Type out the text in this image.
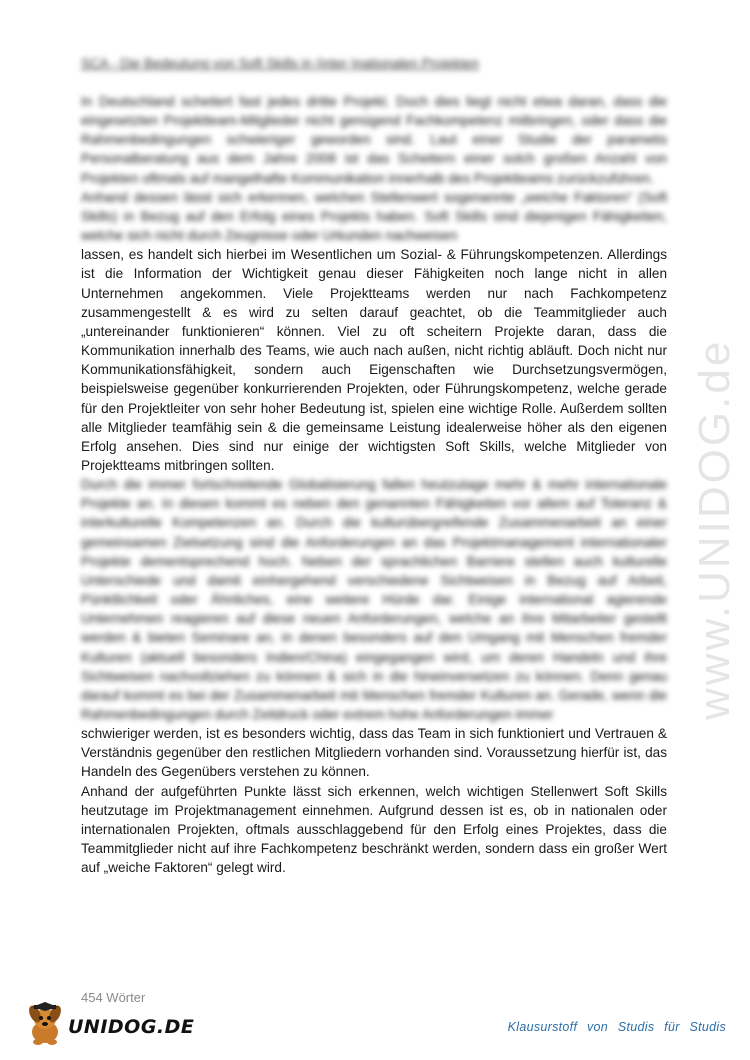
SCA - Die Bedeutung von Soft Skills in (inter-)nationalen Projekten

In Deutschland scheitert fast jedes dritte Projekt. Doch dies liegt nicht etwa daran, dass die eingesetzten Projektteam-Mitglieder nicht genügend Fachkompetenz mitbringen, oder dass die Rahmenbedingungen schwieriger geworden sind. Laut einer Studie der parametis Personalberatung aus dem Jahre 2008 ist das Scheitern einer solch großen Anzahl von Projekten oftmals auf mangelhafte Kommunikation innerhalb des Projektteams zurückzuführen.

Anhand dessen lässt sich erkennen, welchen Stellenwert sogenannte „weiche Faktoren“ (Soft Skills) in Bezug auf den Erfolg eines Projekts haben. Soft Skills sind diejenigen Fähigkeiten, welche sich nicht durch Zeugnisse oder Urkunden nachweisen

lassen, es handelt sich hierbei im Wesentlichen um Sozial- & Führungskompetenzen. Allerdings ist die Information der Wichtigkeit genau dieser Fähigkeiten noch lange nicht in allen Unternehmen angekommen. Viele Projektteams werden nur nach Fachkompetenz zusammengestellt & es wird zu selten darauf geachtet, ob die Teammitglieder auch „untereinander funktionieren“ können. Viel zu oft scheitern Projekte daran, dass die Kommunikation innerhalb des Teams, wie auch nach außen, nicht richtig abläuft. Doch nicht nur Kommunikationsfähigkeit, sondern auch Eigenschaften wie Durchsetzungsvermögen, beispielsweise gegenüber konkurrierenden Projekten, oder Führungskompetenz, welche gerade für den Projektleiter von sehr hoher Bedeutung ist, spielen eine wichtige Rolle. Außerdem sollten alle Mitglieder teamfähig sein & die gemeinsame Leistung idealerweise höher als den eigenen Erfolg ansehen. Dies sind nur einige der wichtigsten Soft Skills, welche Mitglieder von Projektteams mitbringen sollten.

Durch die immer fortschreitende Globalisierung fallen heutzutage mehr & mehr internationale Projekte an. In diesen kommt es neben den genannten Fähigkeiten vor allem auf Toleranz & interkulturelle Kompetenzen an. Durch die kulturübergreifende Zusammenarbeit an einer gemeinsamen Zielsetzung sind die Anforderungen an das Projektmanagement internationaler Projekte dementsprechend hoch. Neben der sprachlichen Barriere stellen auch kulturelle Unterschiede und damit einhergehend verschiedene Sichtweisen in Bezug auf Arbeit, Pünktlichkeit oder Ähnliches, eine weitere Hürde dar. Einige international agierende Unternehmen reagieren auf diese neuen Anforderungen, welche an ihre Mitarbeiter gestellt werden & bieten Seminare an, in denen besonders auf den Umgang mit Menschen fremder Kulturen (aktuell besonders Indien/China) eingegangen wird, um deren Handeln und ihre Sichtweisen nachvollziehen zu können & sich in die hineinversetzen zu können. Denn genau darauf kommt es bei der Zusammenarbeit mit Menschen fremder Kulturen an. Gerade, wenn die Rahmenbedingungen durch Zeitdruck oder extrem hohe Anforderungen immer

schwieriger werden, ist es besonders wichtig, dass das Team in sich funktioniert und Vertrauen & Verständnis gegenüber den restlichen Mitgliedern vorhanden sind. Voraussetzung hierfür ist, das Handeln des Gegenübers verstehen zu können.

Anhand der aufgeführten Punkte lässt sich erkennen, welch wichtigen Stellenwert Soft Skills heutzutage im Projektmanagement einnehmen. Aufgrund dessen ist es, ob in nationalen oder internationalen Projekten, oftmals ausschlaggebend für den Erfolg eines Projektes, dass die Teammitglieder nicht auf ihre Fachkompetenz beschränkt werden, sondern dass ein großer Wert auf „weiche Faktoren“ gelegt wird.

454 Wörter
www.UNIDOG.de
UNIDOG.DE	Klausurstoff von Studis für Studis
